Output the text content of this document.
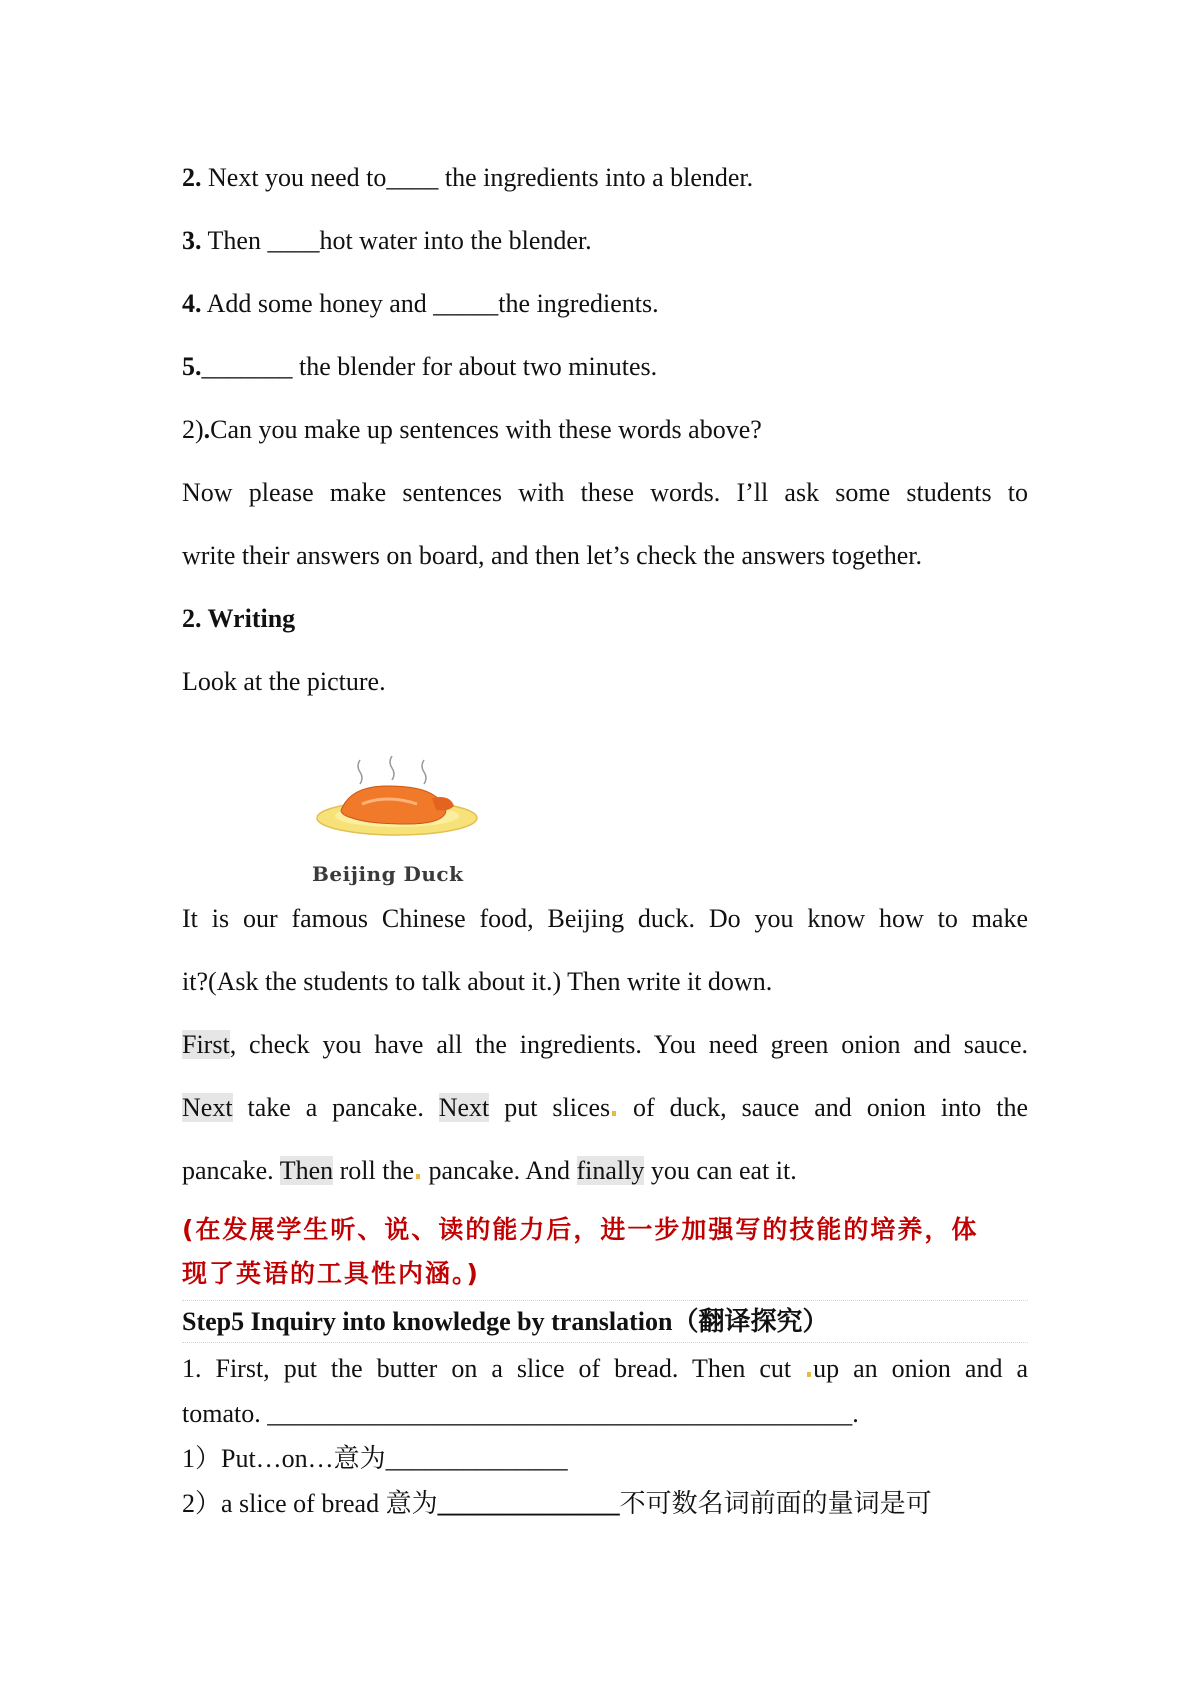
2. Next you need to____ the ingredients into a blender.
3. Then ____hot water into the blender.
4. Add some honey and _____the ingredients.
5._______ the blender for about two minutes.
2).Can you make up sentences with these words above?
Now please make sentences with these words. I’ll ask some students to
write their answers on board, and then let’s check the answers together.
2. Writing
Look at the picture.
Beijing Duck
It is our famous Chinese food, Beijing duck. Do you know how to make
it?(Ask the students to talk about it.) Then write it down.
First, check you have all the ingredients. You need green onion and sauce.
Next take a pancake. Next put slices of duck, sauce and onion into the
pancake. Then roll the pancake. And finally you can eat it.
(在发展学生听、说、读的能力后，进一步加强写的技能的培养，体
现了英语的工具性内涵。)
Step5 Inquiry into knowledge by translation（翻译探究）
1. First, put the butter on a slice of bread. Then cut up an onion and a
tomato. _____________________________________________.
1）Put…on…意为______________
2）a slice of bread 意为______________不可数名词前面的量词是可
